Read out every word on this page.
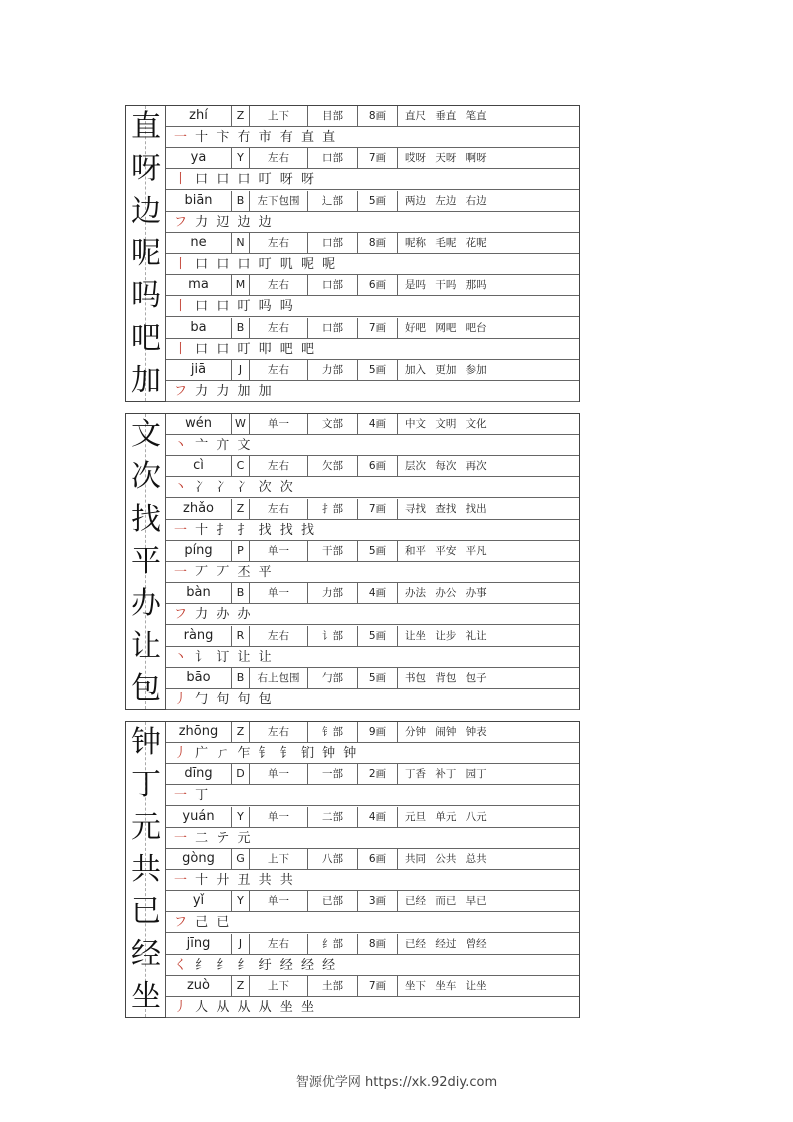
直	zhí	Z	上下	目部	8画	直尺 垂直 笔直
一 十 卞 冇 市 有 直 直
呀	ya	Y	左右	口部	7画	哎呀 天呀 啊呀
丨 口 口 口 叮 呀 呀
边	biān	B	左下包围	辶部	5画	两边 左边 右边
フ 力 辺 边 边
呢	ne	N	左右	口部	8画	呢称 毛呢 花呢
丨 口 口 口 叮 叽 呢 呢
吗	ma	M	左右	口部	6画	是吗 干吗 那吗
丨 口 口 叮 吗 吗
吧	ba	B	左右	口部	7画	好吧 网吧 吧台
丨 口 口 叮 叩 吧 吧
加	jiā	J	左右	力部	5画	加入 更加 参加
フ 力 力 加 加
文	wén	W	单一	文部	4画	中文 文明 文化
丶 亠 亣 文
次	cì	C	左右	欠部	6画	层次 每次 再次
丶 冫 冫 冫 次 次
找	zhǎo	Z	左右	扌部	7画	寻找 查找 找出
一 十 扌 扌 找 找 找
平	píng	P	单一	干部	5画	和平 平安 平凡
一 丆 丆 丕 平
办	bàn	B	单一	力部	4画	办法 办公 办事
フ 力 办 办
让	ràng	R	左右	讠部	5画	让坐 让步 礼让
丶 讠 订 让 让
包	bāo	B	右上包围	勹部	5画	书包 背包 包子
丿 勹 句 句 包
钟	zhōng	Z	左右	钅部	9画	分钟 闹钟 钟表
丿 广 ㄏ 乍 钅 钅 钔 钟 钟
丁	dīng	D	单一	一部	2画	丁香 补丁 园丁
一 丁
元	yuán	Y	单一	二部	4画	元旦 单元 八元
一 二 テ 元
共	gòng	G	上下	八部	6画	共同 公共 总共
一 十 廾 丑 共 共
已	yǐ	Y	单一	已部	3画	已经 而已 早已
フ 己 已
经	jīng	J	左右	纟部	8画	已经 经过 曾经
く 纟 纟 纟 纡 经 经 经
坐	zuò	Z	上下	土部	7画	坐下 坐车 让坐
丿 人 从 从 从 坐 坐
智源优学网 https://xk.92diy.com
